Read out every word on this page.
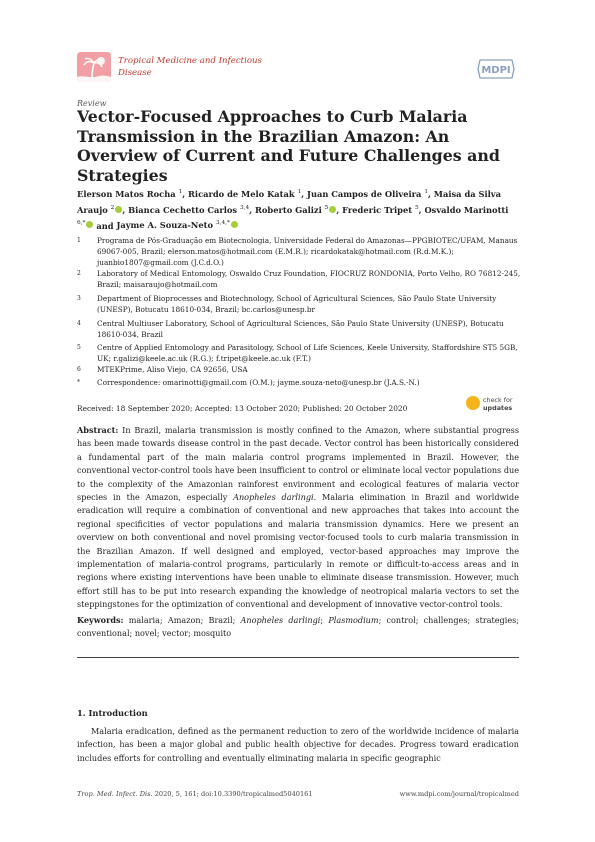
Tropical Medicine and Infectious Disease	MDPI
Review
Vector-Focused Approaches to Curb Malaria Transmission in the Brazilian Amazon: An Overview of Current and Future Challenges and Strategies
Elerson Matos Rocha $^1$, Ricardo de Melo Katak $^1$, Juan Campos de Oliveira $^1$, Maisa da Silva Araujo $^2$ , Bianca Cechetto Carlos $^{3,4}$, Roberto Galizi $^5$ , Frederic Tripet $^5$, Osvaldo Marinotti $^{6,*}$ and Jayme A. Souza-Neto $^{3,4,*}$
1	Programa de Pós-Graduação em Biotecnologia, Universidade Federal do Amazonas—PPGBIOTEC/UFAM, Manaus 69067-005, Brazil; elerson.matos@hotmail.com (E.M.R.); ricardokatak@hotmail.com (R.d.M.K.); juanbio1807@gmail.com (J.C.d.O.)
2	Laboratory of Medical Entomology, Oswaldo Cruz Foundation, FIOCRUZ RONDONIA, Porto Velho, RO 76812-245, Brazil; maisaraujo@hotmail.com
3	Department of Bioprocesses and Biotechnology, School of Agricultural Sciences, São Paulo State University (UNESP), Botucatu 18610-034, Brazil; bc.carlos@unesp.br
4	Central Multiuser Laboratory, School of Agricultural Sciences, São Paulo State University (UNESP), Botucatu 18610-034, Brazil
5	Centre of Applied Entomology and Parasitology, School of Life Sciences, Keele University, Staffordshire ST5 5GB, UK; r.galizi@keele.ac.uk (R.G.); f.tripet@keele.ac.uk (F.T.)
6	MTEKPrime, Aliso Viejo, CA 92656, USA
*	Correspondence: omarinotti@gmail.com (O.M.); jayme.souza-neto@unesp.br (J.A.S.-N.)
Received: 18 September 2020; Accepted: 13 October 2020; Published: 20 October 2020
check for
updates
Abstract: In Brazil, malaria transmission is mostly confined to the Amazon, where substantial progress has been made towards disease control in the past decade. Vector control has been historically considered a fundamental part of the main malaria control programs implemented in Brazil. However, the conventional vector-control tools have been insufficient to control or eliminate local vector populations due to the complexity of the Amazonian rainforest environment and ecological features of malaria vector species in the Amazon, especially Anopheles darlingi. Malaria elimination in Brazil and worldwide eradication will require a combination of conventional and new approaches that takes into account the regional specificities of vector populations and malaria transmission dynamics. Here we present an overview on both conventional and novel promising vector-focused tools to curb malaria transmission in the Brazilian Amazon. If well designed and employed, vector-based approaches may improve the implementation of malaria-control programs, particularly in remote or difficult-to-access areas and in regions where existing interventions have been unable to eliminate disease transmission. However, much effort still has to be put into research expanding the knowledge of neotropical malaria vectors to set the steppingstones for the optimization of conventional and development of innovative vector-control tools.
Keywords: malaria; Amazon; Brazil; Anopheles darlingi; Plasmodium; control; challenges; strategies; conventional; novel; vector; mosquito
1. Introduction
Malaria eradication, defined as the permanent reduction to zero of the worldwide incidence of malaria infection, has been a major global and public health objective for decades. Progress toward eradication includes efforts for controlling and eventually eliminating malaria in specific geographic
Trop. Med. Infect. Dis. 2020, 5, 161; doi:10.3390/tropicalmed5040161	www.mdpi.com/journal/tropicalmed
